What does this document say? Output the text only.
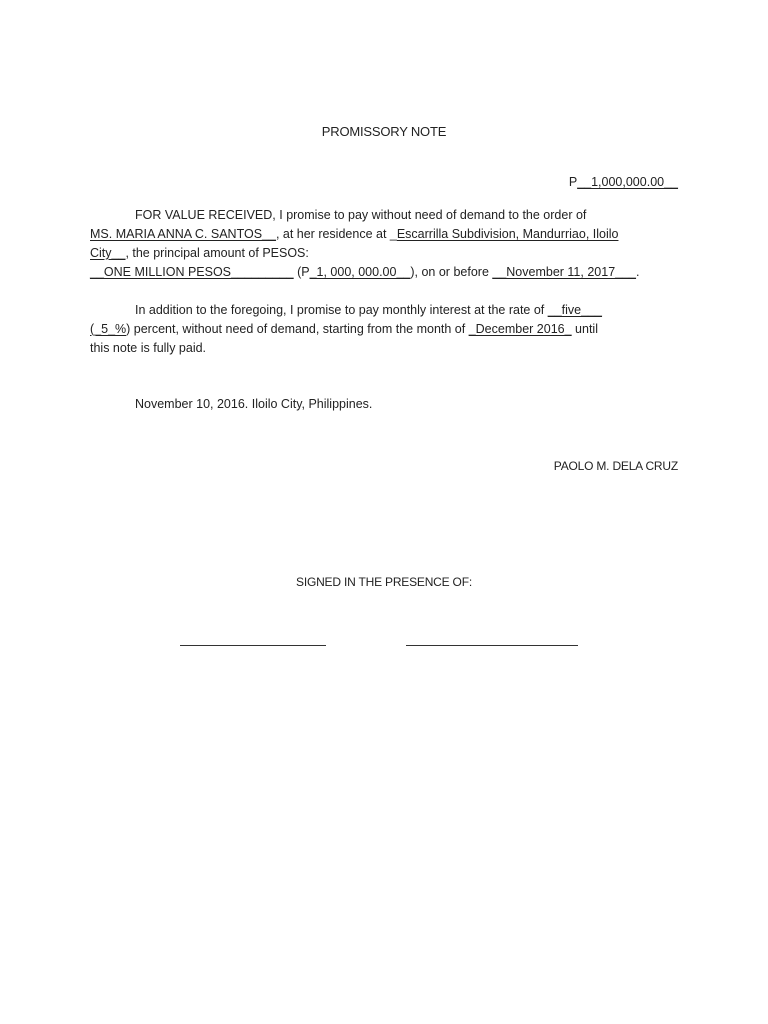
PROMISSORY NOTE
P__1,000,000.00__
FOR VALUE RECEIVED, I promise to pay without need of demand to the order of
MS. MARIA ANNA C. SANTOS__, at her residence at _Escarrilla Subdivision, Mandurriao, Iloilo
City__, the principal amount of PESOS:
__ONE MILLION PESOS_________ (P_1, 000, 000.00__), on or before __November 11, 2017___.
In addition to the foregoing, I promise to pay monthly interest at the rate of __five___
(_5_%) percent, without need of demand, starting from the month of _December 2016_ until
this note is fully paid.
November 10, 2016. Iloilo City, Philippines.
PAOLO M. DELA CRUZ
SIGNED IN THE PRESENCE OF:
